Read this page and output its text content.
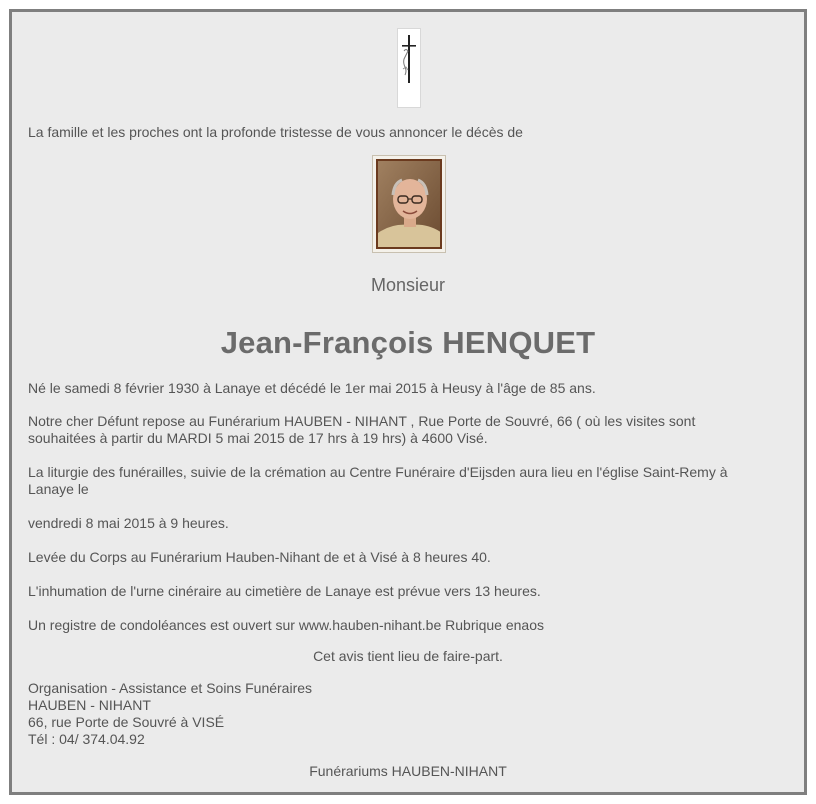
La famille et les proches ont la profonde tristesse de vous annoncer le décès de
Monsieur
Jean-François HENQUET
Né le samedi 8 février 1930 à Lanaye et décédé le 1er mai 2015 à Heusy à l'âge de 85 ans.
Notre cher Défunt repose au Funérarium HAUBEN - NIHANT , Rue Porte de Souvré, 66 ( où les visites sont
souhaitées à partir du MARDI 5 mai 2015 de 17 hrs à 19 hrs) à 4600 Visé.
La liturgie des funérailles, suivie de la crémation au Centre Funéraire d'Eijsden aura lieu en l'église Saint-Remy à
Lanaye le
vendredi 8 mai 2015 à 9 heures.
Levée du Corps au Funérarium Hauben-Nihant de et à Visé à 8 heures 40.
L'inhumation de l'urne cinéraire au cimetière de Lanaye est prévue vers 13 heures.
Un registre de condoléances est ouvert sur www.hauben-nihant.be Rubrique enaos
Cet avis tient lieu de faire-part.
Organisation - Assistance et Soins Funéraires
HAUBEN - NIHANT
66, rue Porte de Souvré à VISÉ
Tél : 04/ 374.04.92
Funérariums HAUBEN-NIHANT
